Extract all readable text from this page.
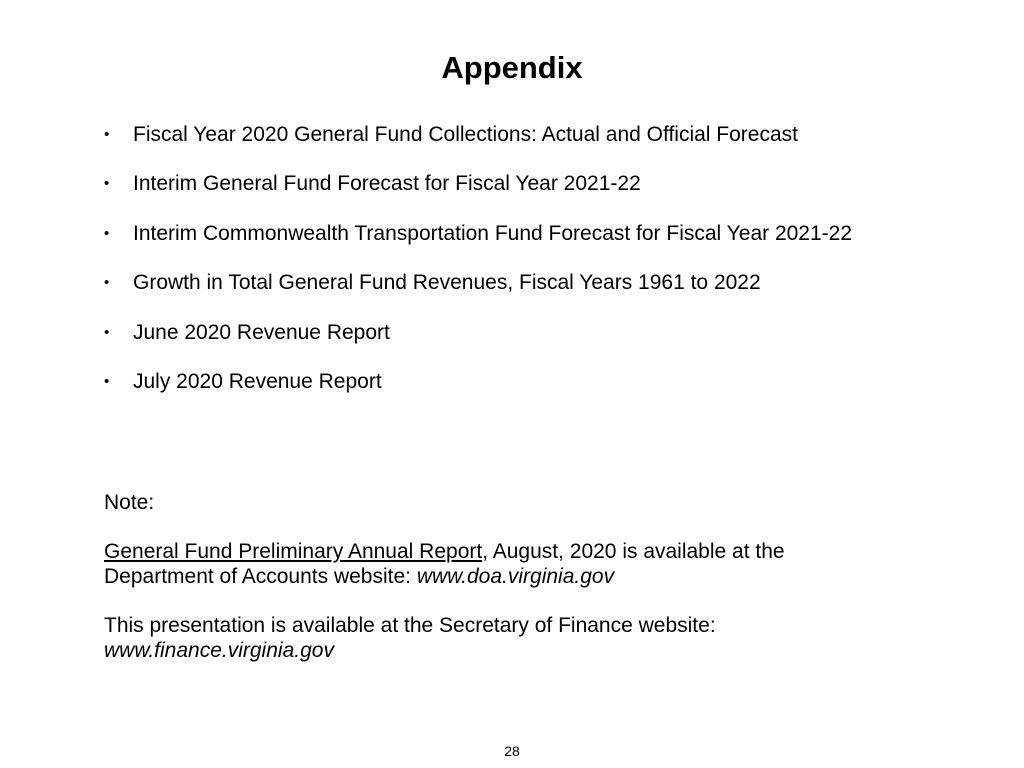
Appendix
•	Fiscal Year 2020 General Fund Collections: Actual and Official Forecast
•	Interim General Fund Forecast for Fiscal Year 2021-22
•	Interim Commonwealth Transportation Fund Forecast for Fiscal Year 2021-22
•	Growth in Total General Fund Revenues, Fiscal Years 1961 to 2022
•	June 2020 Revenue Report
•	July 2020 Revenue Report

Note:

General Fund Preliminary Annual Report, August, 2020 is available at the

Department of Accounts website: www.doa.virginia.gov

This presentation is available at the Secretary of Finance website:

www.finance.virginia.gov

28
